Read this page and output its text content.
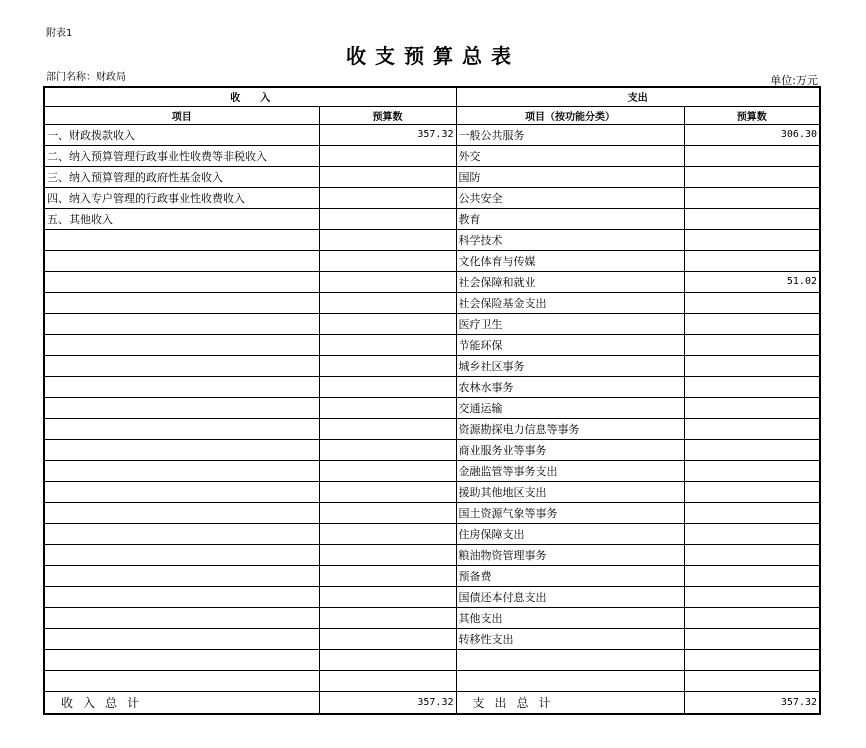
附表1
收支预算总表
部门名称：财政局	单位:万元
收　　入		支出	
项目	预算数	项目（按功能分类）	预算数
一、财政拨款收入	357.32	一般公共服务	306.30
二、纳入预算管理行政事业性收费等非税收入		外交	
三、纳入预算管理的政府性基金收入		国防	
四、纳入专户管理的行政事业性收费收入		公共安全	
五、其他收入		教育	
		科学技术	
		文化体育与传媒	
		社会保障和就业	51.02
		社会保险基金支出	
		医疗卫生	
		节能环保	
		城乡社区事务	
		农林水事务	
		交通运输	
		资源勘探电力信息等事务	
		商业服务业等事务	
		金融监管等事务支出	
		援助其他地区支出	
		国土资源气象等事务	
		住房保障支出	
		粮油物资管理事务	
		预备费	
		国债还本付息支出	
		其他支出	
		转移性支出	

收入总计	357.32	支出总计	357.32
